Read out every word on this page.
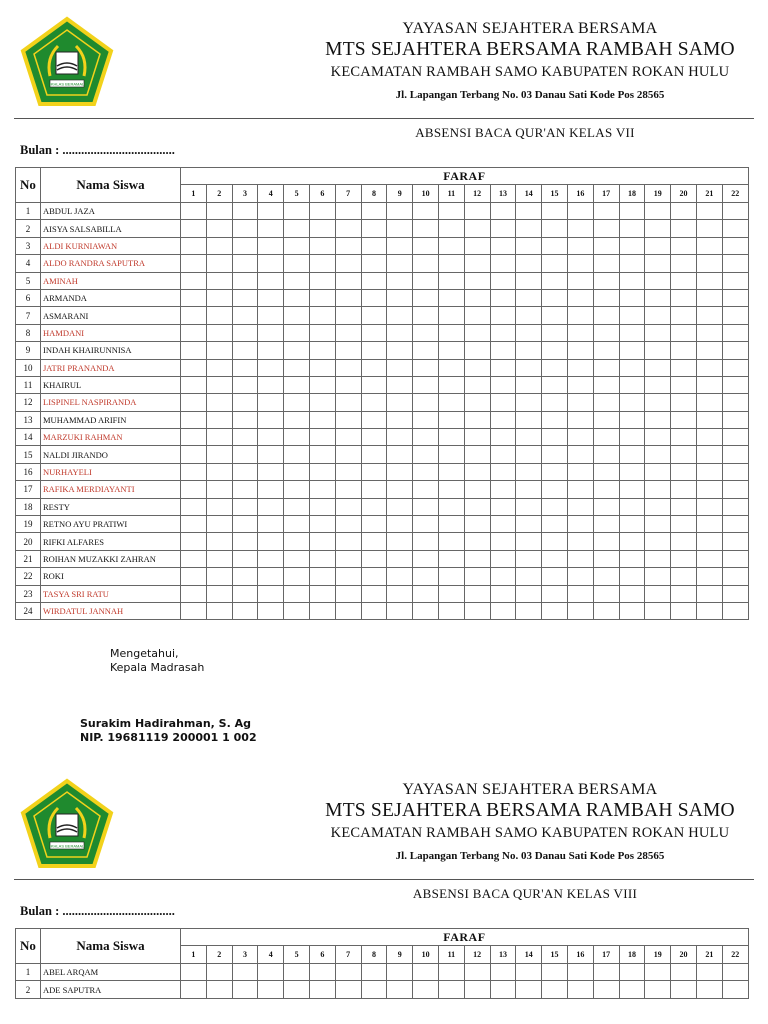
IKHLAS BERAMAL
YAYASAN SEJAHTERA BERSAMA
MTS SEJAHTERA BERSAMA RAMBAH SAMO
KECAMATAN RAMBAH SAMO KABUPATEN ROKAN HULU
Jl. Lapangan Terbang No. 03 Danau Sati Kode Pos 28565
ABSENSI BACA QUR'AN KELAS VII
Bulan : ....................................
No	Nama Siswa	FARAF																					
		1	2	3	4	5	6	7	8	9	10	11	12	13	14	15	16	17	18	19	20	21	22
1	ABDUL JAZA																						
2	AISYA SALSABILLA																						
3	ALDI KURNIAWAN																						
4	ALDO RANDRA SAPUTRA																						
5	AMINAH																						
6	ARMANDA																						
7	ASMARANI																						
8	HAMDANI																						
9	INDAH KHAIRUNNISA																						
10	JATRI PRANANDA																						
11	KHAIRUL																						
12	LISPINEL NASPIRANDA																						
13	MUHAMMAD ARIFIN																						
14	MARZUKI RAHMAN																						
15	NALDI JIRANDO																						
16	NURHAYELI																						
17	RAFIKA MERDIAYANTI																						
18	RESTY																						
19	RETNO AYU PRATIWI																						
20	RIFKI ALFARES																						
21	ROIHAN MUZAKKI ZAHRAN																						
22	ROKI																						
23	TASYA SRI RATU																						
24	WIRDATUL JANNAH																						
Mengetahui,
Kepala Madrasah
Surakim Hadirahman, S. Ag
NIP. 19681119 200001 1 002
IKHLAS BERAMAL
YAYASAN SEJAHTERA BERSAMA
MTS SEJAHTERA BERSAMA RAMBAH SAMO
KECAMATAN RAMBAH SAMO KABUPATEN ROKAN HULU
Jl. Lapangan Terbang No. 03 Danau Sati Kode Pos 28565
ABSENSI BACA QUR'AN KELAS VIII
Bulan : ....................................
No	Nama Siswa	FARAF																					
		1	2	3	4	5	6	7	8	9	10	11	12	13	14	15	16	17	18	19	20	21	22
1	ABEL ARQAM																						
2	ADE SAPUTRA																						
